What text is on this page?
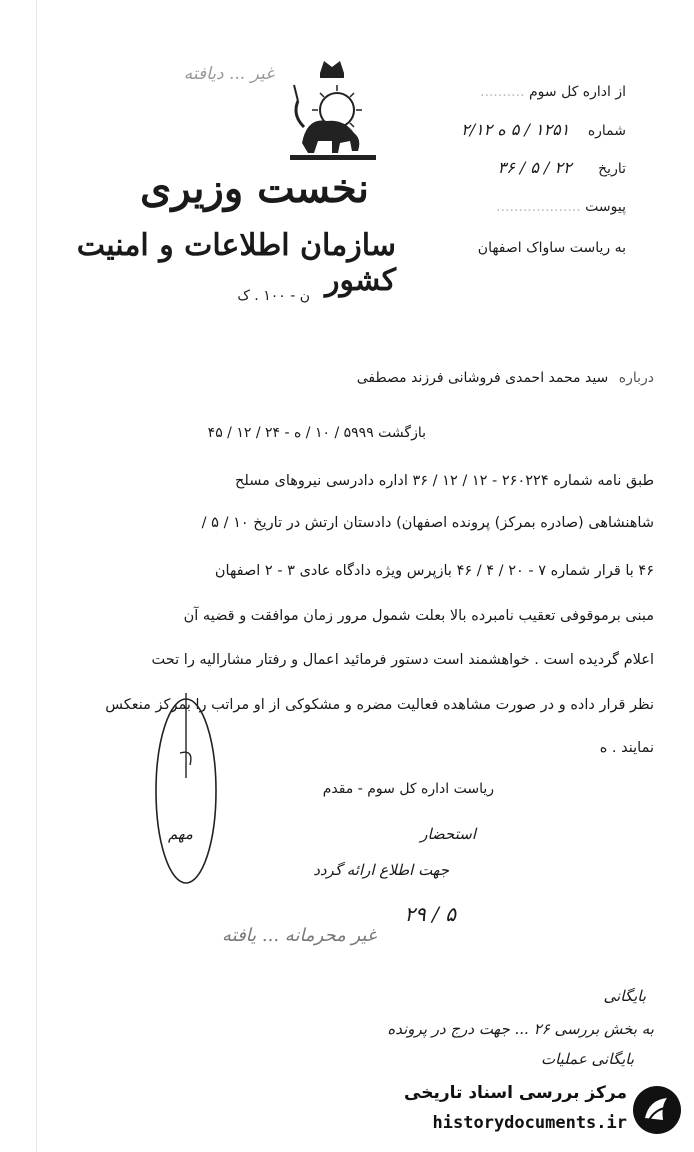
غیر ... دیافته
نخست وزیری
سازمان اطلاعات و امنیت کشور
ن - ۱۰۰ . ک
از اداره کل سوم ..........
شماره ۱۲۵۱ / ۵ ه ۲/۱۲
تاریخ ۲۲ / ۵ / ۳۶
پیوست ...................
به ریاست ساواک اصفهان
درباره سید محمد احمدی فروشانی فرزند مصطفی
بازگشت ۵۹۹۹ / ۱۰ / ه - ۲۴ / ۱۲ / ۴۵
طبق نامه شماره ۲۶۰۲۲۴ - ۱۲ / ۱۲ / ۳۶ اداره دادرسی نیروهای مسلح
شاهنشاهی (صادره بمرکز) پرونده اصفهان) دادستان ارتش در تاریخ ۱۰ / ۵ /
۴۶ با قرار شماره ۷ - ۲۰ / ۴ / ۴۶ بازپرس ویژه دادگاه عادی ۳ - ۲ اصفهان
مبنی برموقوفی تعقیب نامبرده بالا بعلت شمول مرور زمان موافقت و قضیه آن
اعلام گردیده است . خواهشمند است دستور فرمائید اعمال و رفتار مشارالیه را تحت
نظر قرار داده و در صورت مشاهده فعالیت مضره و مشکوکی از او مراتب را بمرکز منعکس
نمایند . ه
ریاست اداره کل سوم - مقدم
مهم	استحضار
جهت اطلاع ارائه گردد
۲۹ / ۵
غیر محرمانه ... یافته
بایگانی
به بخش بررسی ۲۶ ... جهت درج در پرونده
بایگانی عملیات
مرکز بررسی اسناد تاریخی
historydocuments.ir
